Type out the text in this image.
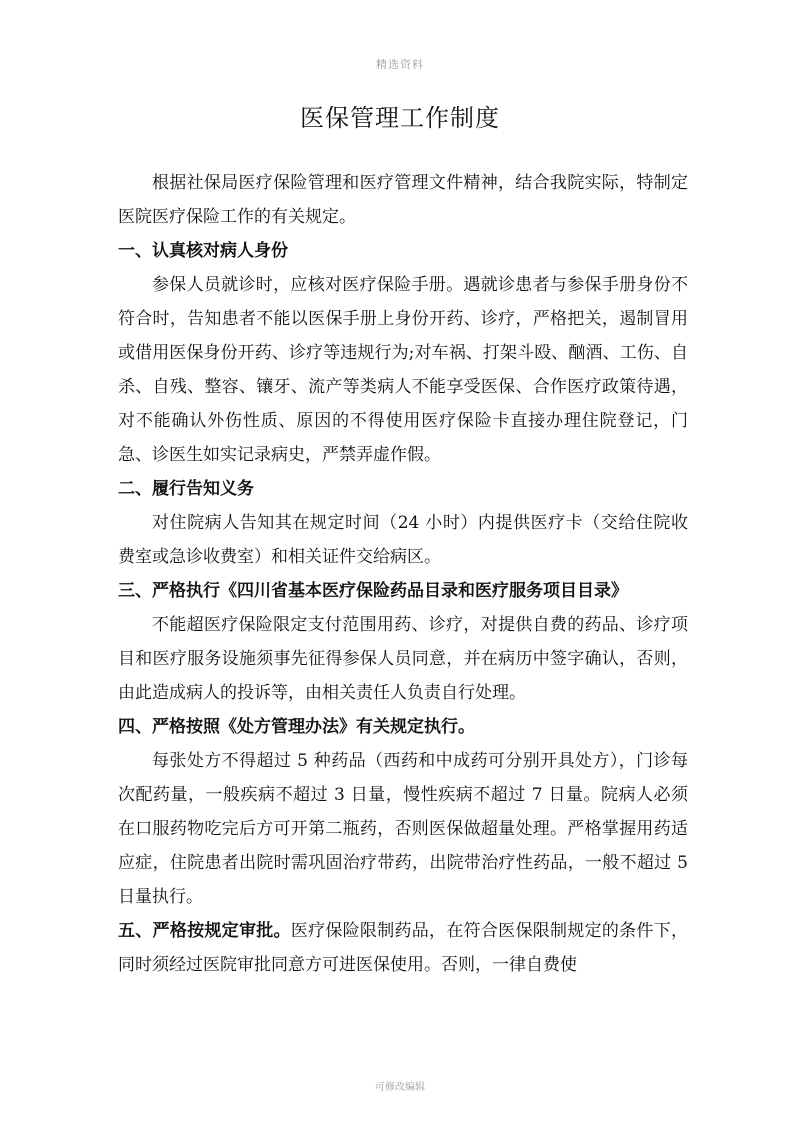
精选资料
医保管理工作制度

根据社保局医疗保险管理和医疗管理文件精神，结合我院实际，特制定医院医疗保险工作的有关规定。

一、认真核对病人身份

参保人员就诊时，应核对医疗保险手册。遇就诊患者与参保手册身份不符合时，告知患者不能以医保手册上身份开药、诊疗，严格把关，遏制冒用或借用医保身份开药、诊疗等违规行为;对车祸、打架斗殴、酗酒、工伤、自杀、自残、整容、镶牙、流产等类病人不能享受医保、合作医疗政策待遇，对不能确认外伤性质、原因的不得使用医疗保险卡直接办理住院登记，门急、诊医生如实记录病史，严禁弄虚作假。

二、履行告知义务

对住院病人告知其在规定时间（24 小时）内提供医疗卡（交给住院收费室或急诊收费室）和相关证件交给病区。

三、严格执行《四川省基本医疗保险药品目录和医疗服务项目目录》

不能超医疗保险限定支付范围用药、诊疗，对提供自费的药品、诊疗项目和医疗服务设施须事先征得参保人员同意，并在病历中签字确认，否则，由此造成病人的投诉等，由相关责任人负责自行处理。

四、严格按照《处方管理办法》有关规定执行。

每张处方不得超过 5 种药品（西药和中成药可分别开具处方），门诊每次配药量，一般疾病不超过 3 日量，慢性疾病不超过 7 日量。院病人必须在口服药物吃完后方可开第二瓶药，否则医保做超量处理。严格掌握用药适应症，住院患者出院时需巩固治疗带药，出院带治疗性药品，一般不超过 5 日量执行。

五、严格按规定审批。医疗保险限制药品，在符合医保限制规定的条件下，同时须经过医院审批同意方可进医保使用。否则，一律自费使

可修改编辑
